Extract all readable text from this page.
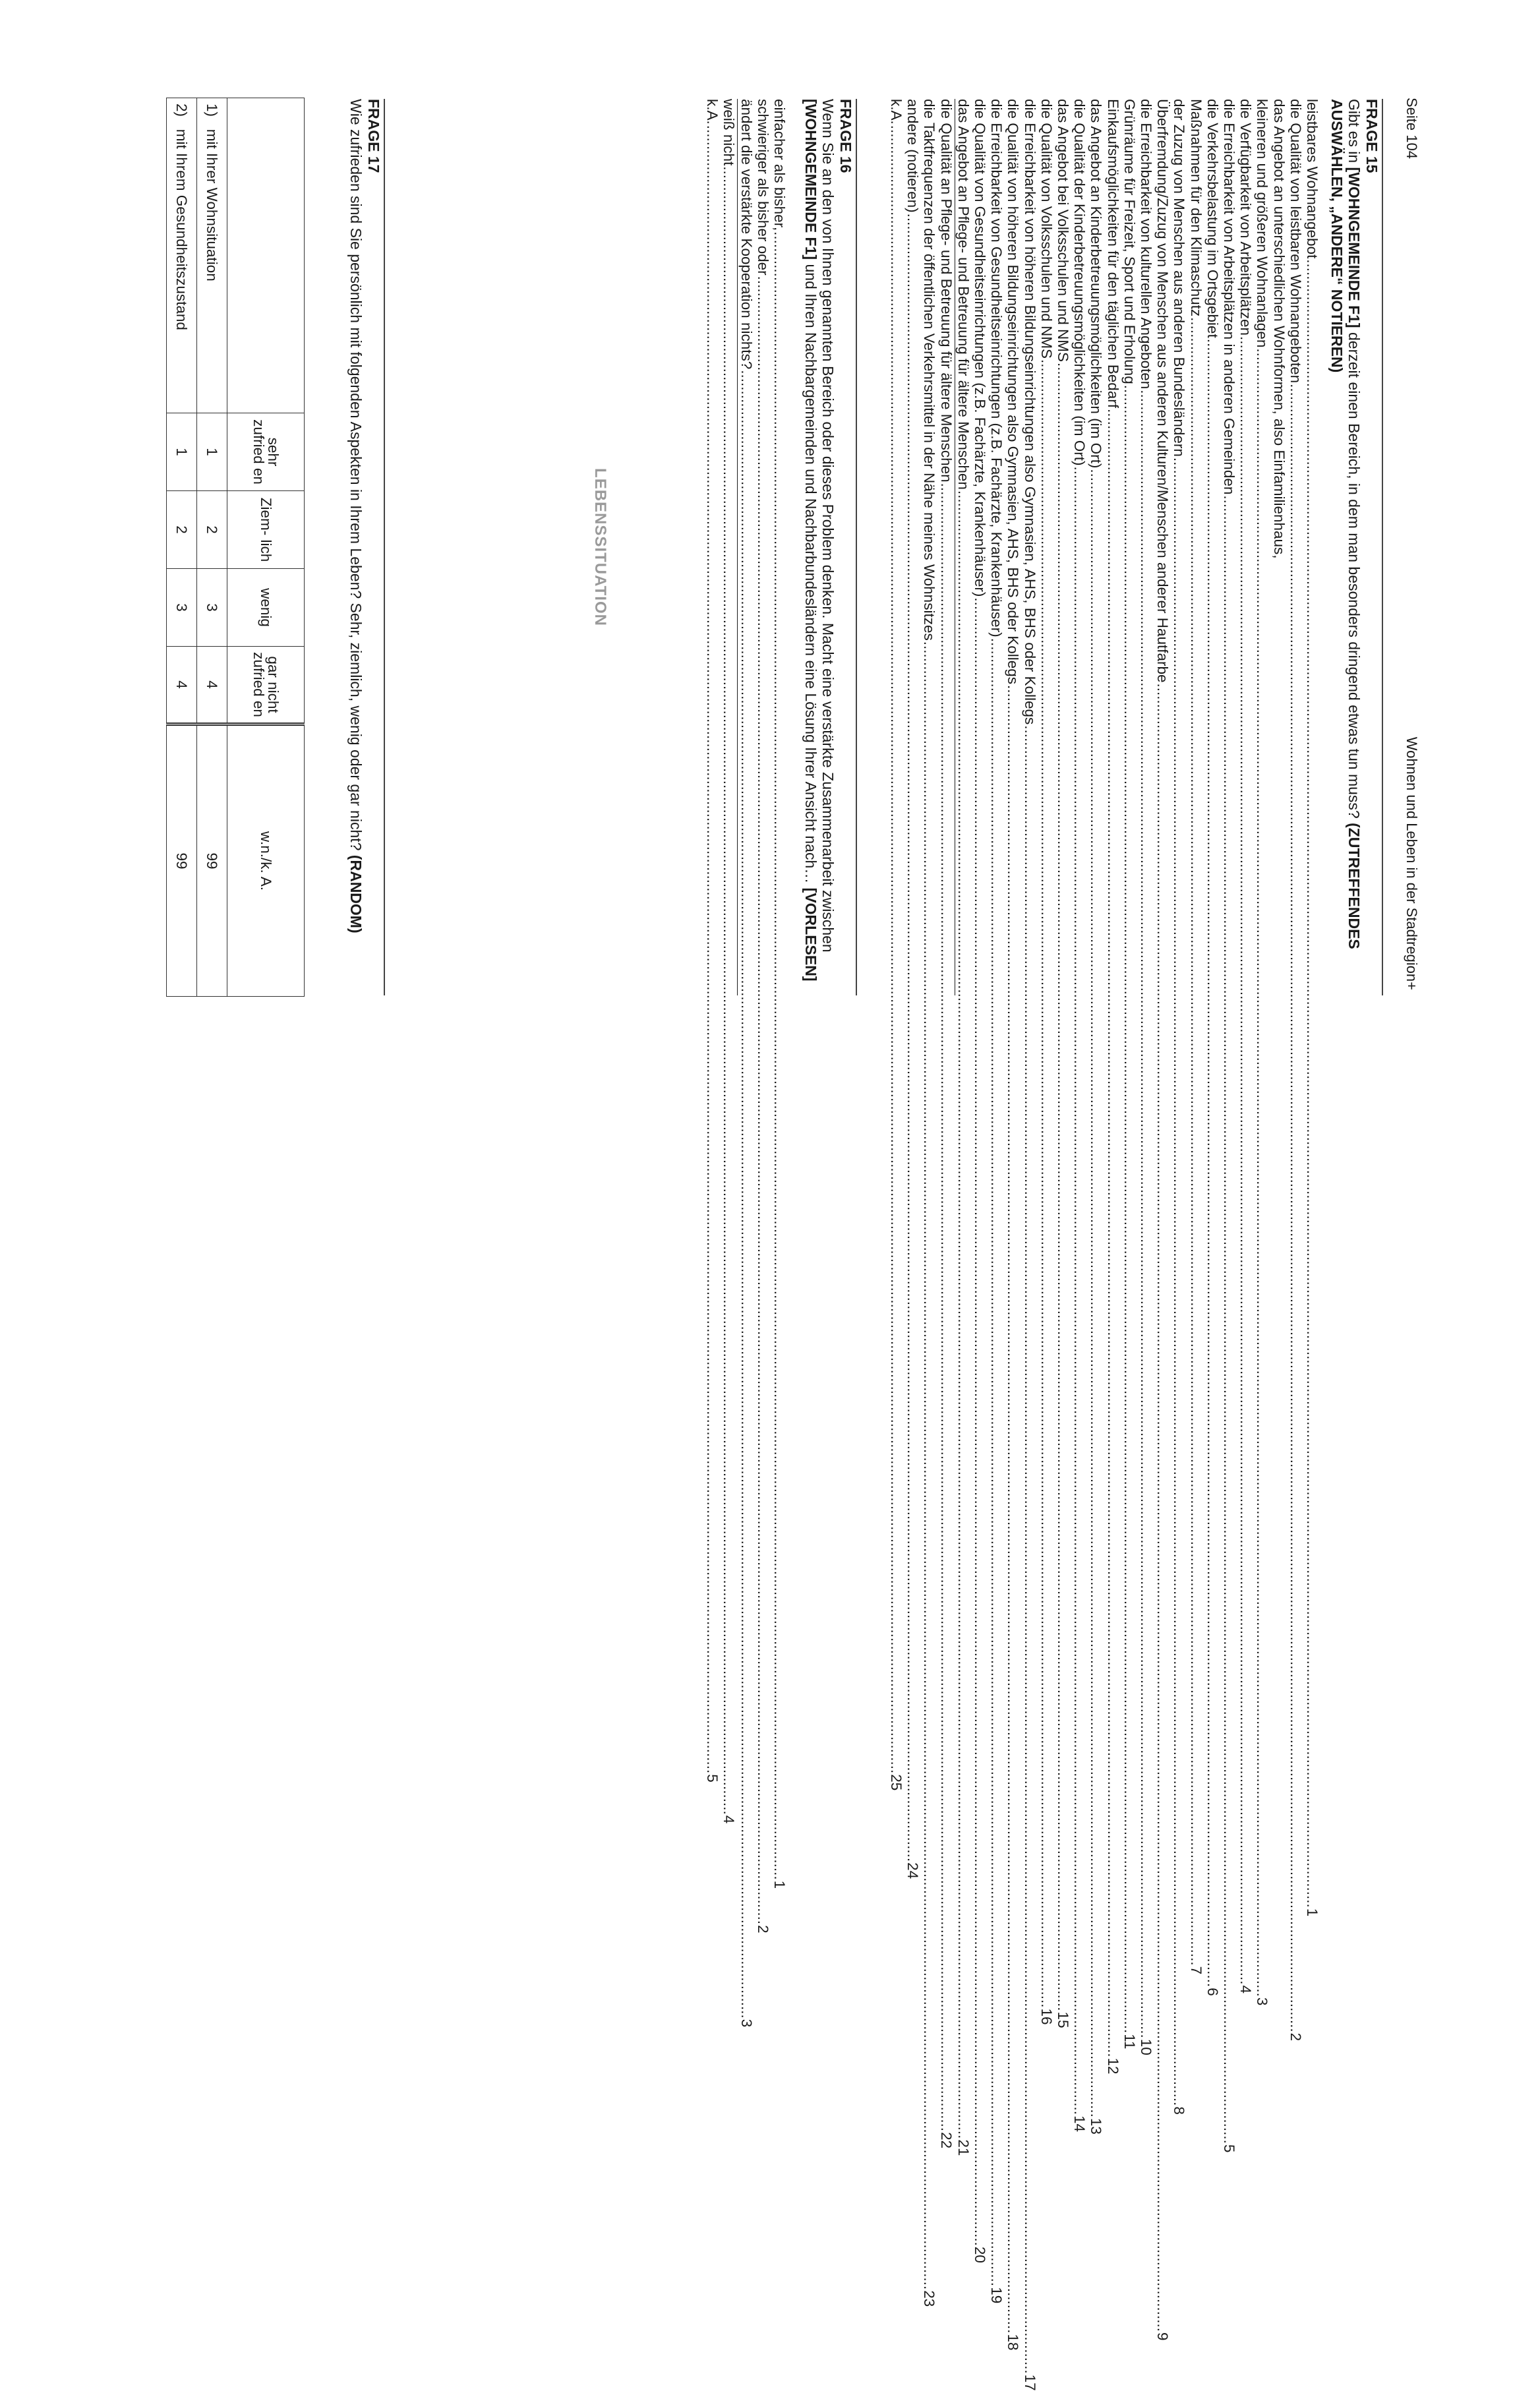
Seite 104
Wohnen und Leben in der Stadtregion+
FRAGE 15
Gibt es in [WOHNGEMEINDE F1] derzeit einen Bereich, in dem man besonders dringend etwas tun muss? (ZUTREFFENDES AUSWÄHLEN, „ANDERE“ NOTIEREN)
leistbares Wohnangebot
................................................................................................................................................................................................................................................................................................................................................................................................................
1
die Qualität von leistbaren Wohnangeboten
................................................................................................................................................................................................................................................................................................................................................................................................................
2
das Angebot an unterschiedlichen Wohnformen, also Einfamilienhaus,
kleineren und größeren Wohnanlagen
................................................................................................................................................................................................................................................................................................................................................................................................................
3
die Verfügbarkeit von Arbeitsplätzen
................................................................................................................................................................................................................................................................................................................................................................................................................
4
die Erreichbarkeit von Arbeitsplätzen in anderen Gemeinden
................................................................................................................................................................................................................................................................................................................................................................................................................
5
die Verkehrsbelastung im Ortsgebiet
................................................................................................................................................................................................................................................................................................................................................................................................................
6
Maßnahmen für den Klimaschutz
................................................................................................................................................................................................................................................................................................................................................................................................................
7
der Zuzug von Menschen aus anderen Bundesländern
................................................................................................................................................................................................................................................................................................................................................................................................................
8
Überfremdung/Zuzug von Menschen aus anderen Kulturen/Menschen anderer Hautfarbe
................................................................................................................................................................................................................................................................................................................................................................................................................
9
die Erreichbarkeit von kulturellen Angeboten
................................................................................................................................................................................................................................................................................................................................................................................................................
10
Grünräume für Freizeit, Sport und Erholung
................................................................................................................................................................................................................................................................................................................................................................................................................
11
Einkaufsmöglichkeiten für den täglichen Bedarf
................................................................................................................................................................................................................................................................................................................................................................................................................
12
das Angebot an Kinderbetreuungsmöglichkeiten (im Ort)
................................................................................................................................................................................................................................................................................................................................................................................................................
13
die Qualität der Kinderbetreuungsmöglichkeiten (im Ort)
................................................................................................................................................................................................................................................................................................................................................................................................................
14
das Angebot bei Volksschulen und NMS
................................................................................................................................................................................................................................................................................................................................................................................................................
15
die Qualität von Volksschulen und NMS
................................................................................................................................................................................................................................................................................................................................................................................................................
16
die Erreichbarkeit von höheren Bildungseinrichtungen also Gymnasien, AHS, BHS oder Kollegs
................................................................................................................................................................................................................................................................................................................................................................................................................
17
die Qualität von höheren Bildungseinrichtungen also Gymnasien, AHS, BHS oder Kollegs
................................................................................................................................................................................................................................................................................................................................................................................................................
18
die Erreichbarkeit von Gesundheitseinrichtungen (z.B. Fachärzte, Krankenhäuser)
................................................................................................................................................................................................................................................................................................................................................................................................................
19
die Qualität von Gesundheitseinrichtungen (z.B. Fachärzte, Krankenhäuser)
................................................................................................................................................................................................................................................................................................................................................................................................................
20
das Angebot an Pflege- und Betreuung für ältere Menschen
................................................................................................................................................................................................................................................................................................................................................................................................................
21
die Qualität an Pflege- und Betreuung für ältere Menschen
................................................................................................................................................................................................................................................................................................................................................................................................................
22
die Taktfrequenzen der öffentlichen Verkehrsmittel in der Nähe meines Wohnsitzes
................................................................................................................................................................................................................................................................................................................................................................................................................
23
andere (notieren)
................................................................................................................................................................................................................................................................................................................................................................................................................
24
k.A.
................................................................................................................................................................................................................................................................................................................................................................................................................
25
FRAGE 16
Wenn Sie an den von Ihnen genannten Bereich oder dieses Problem denken. Macht eine verstärkte Zusammenarbeit zwischen [WOHNGEMEINDE F1] und Ihren Nachbargemeinden und Nachbarbundesländern eine Lösung Ihrer Ansicht nach… [VORLESEN]
einfacher als bisher,
................................................................................................................................................................................................................................................................................................................................................................................................................
1
schwieriger als bisher oder
................................................................................................................................................................................................................................................................................................................................................................................................................
2
ändert die verstärkte Kooperation nichts?
................................................................................................................................................................................................................................................................................................................................................................................................................
3
weiß nicht
................................................................................................................................................................................................................................................................................................................................................................................................................
4
k.A.
................................................................................................................................................................................................................................................................................................................................................................................................................
5
LEBENSSITUATION
FRAGE 17
Wie zufrieden sind Sie persönlich mit folgenden Aspekten in Ihrem Leben? Sehr, ziemlich, wenig oder gar nicht? (RANDOM)
	sehr zufried en	Ziem- lich	wenig	gar nicht zufried en	w.n./k. A.
1)   mit Ihrer Wohnsituation	1	2	3	4	99
2)   mit Ihrem Gesundheitszustand	1	2	3	4	99
